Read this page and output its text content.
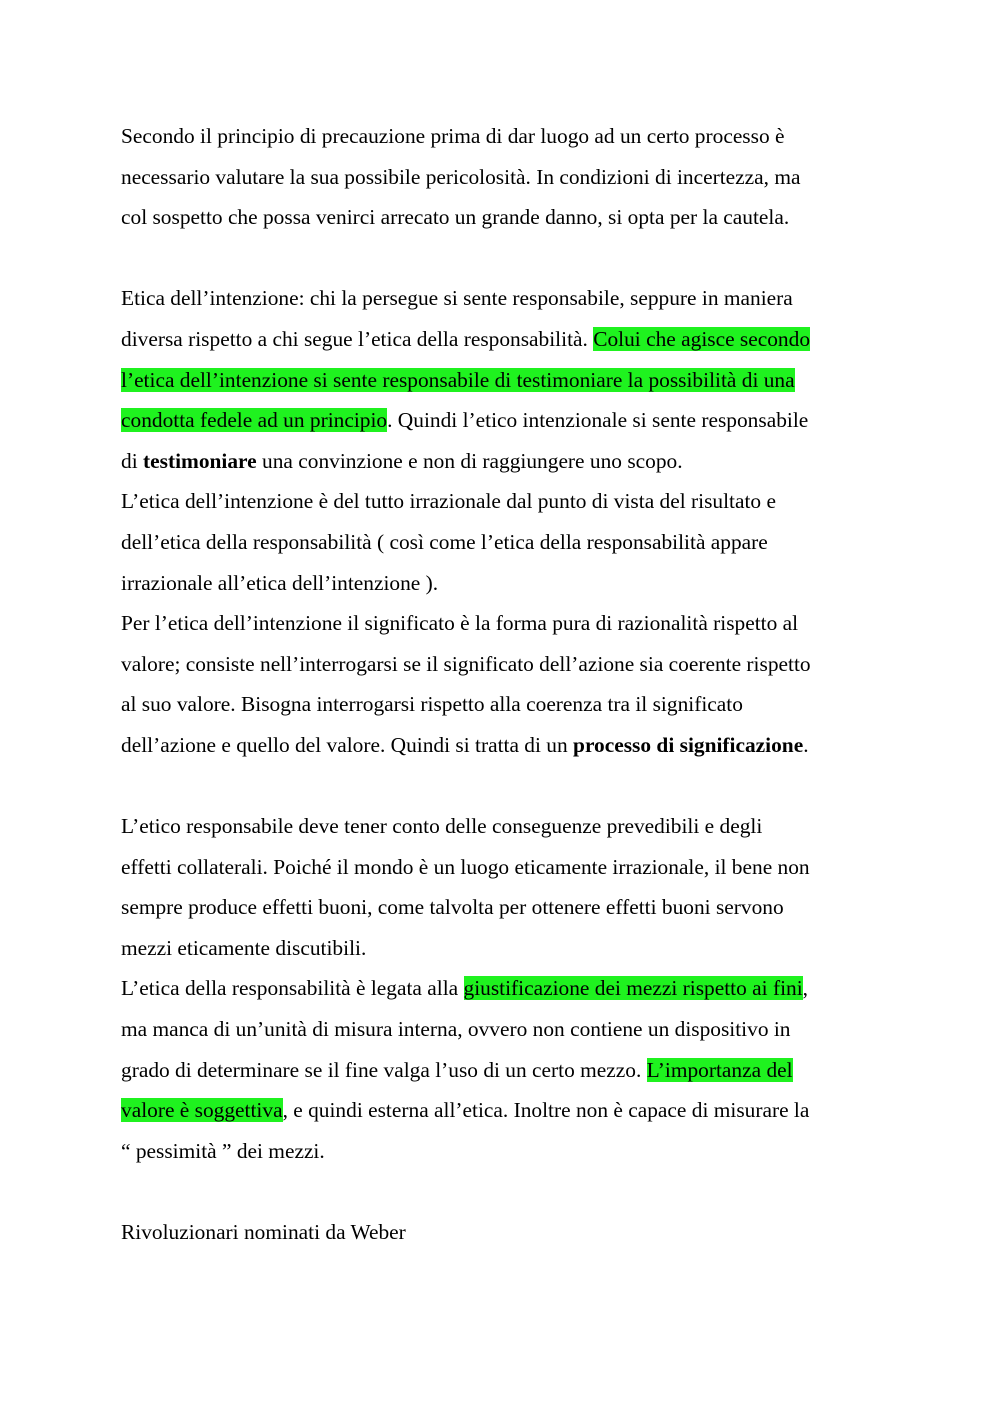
Secondo il principio di precauzione prima di dar luogo ad un certo processo è
necessario valutare la sua possibile pericolosità. In condizioni di incertezza, ma
col sospetto che possa venirci arrecato un grande danno, si opta per la cautela.
Etica dell’intenzione: chi la persegue si sente responsabile, seppure in maniera
diversa rispetto a chi segue l’etica della responsabilità. Colui che agisce secondo
l’etica dell’intenzione si sente responsabile di testimoniare la possibilità di una
condotta fedele ad un principio. Quindi l’etico intenzionale si sente responsabile
di testimoniare una convinzione e non di raggiungere uno scopo.
L’etica dell’intenzione è del tutto irrazionale dal punto di vista del risultato e
dell’etica della responsabilità ( così come l’etica della responsabilità appare
irrazionale all’etica dell’intenzione ).
Per l’etica dell’intenzione il significato è la forma pura di razionalità rispetto al
valore; consiste nell’interrogarsi se il significato dell’azione sia coerente rispetto
al suo valore. Bisogna interrogarsi rispetto alla coerenza tra il significato
dell’azione e quello del valore. Quindi si tratta di un processo di significazione.
L’etico responsabile deve tener conto delle conseguenze prevedibili e degli
effetti collaterali. Poiché il mondo è un luogo eticamente irrazionale, il bene non
sempre produce effetti buoni, come talvolta per ottenere effetti buoni servono
mezzi eticamente discutibili.
L’etica della responsabilità è legata alla giustificazione dei mezzi rispetto ai fini,
ma manca di un’unità di misura interna, ovvero non contiene un dispositivo in
grado di determinare se il fine valga l’uso di un certo mezzo. L’importanza del
valore è soggettiva, e quindi esterna all’etica. Inoltre non è capace di misurare la
“ pessimità ” dei mezzi.
Rivoluzionari nominati da Weber
